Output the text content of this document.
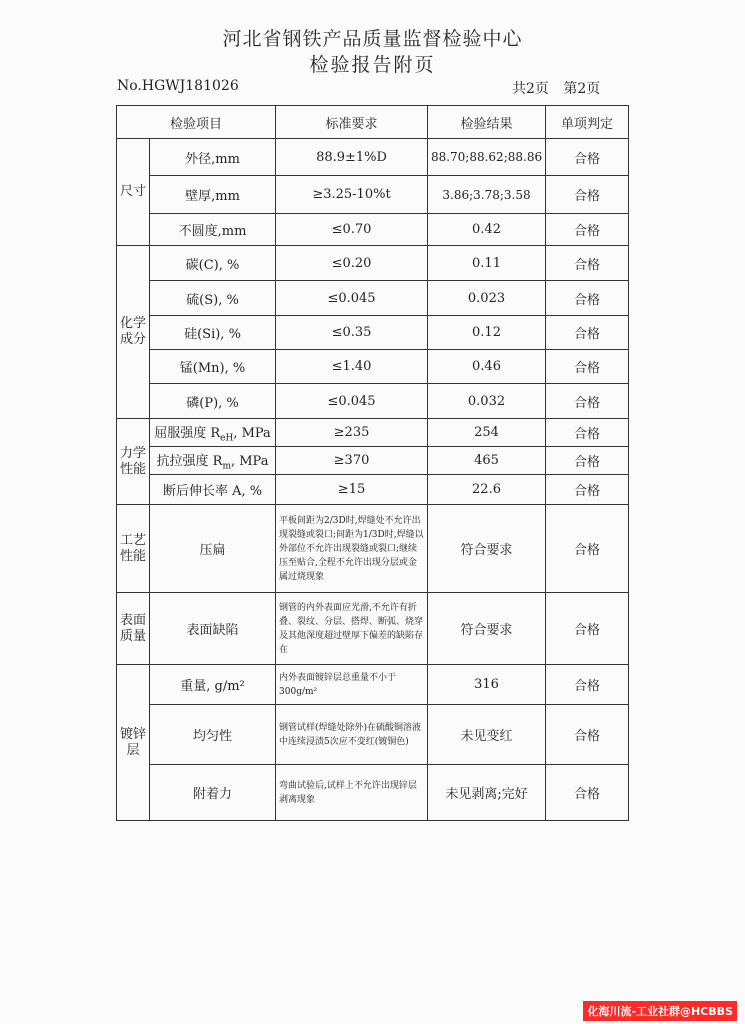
河北省钢铁产品质量监督检验中心
检验报告附页
No.HGWJ181026	共2页 第2页
检验项目		标准要求	检验结果	单项判定
尺寸	外径,mm	88.9±1%D	88.70;88.62;88.86	合格
	壁厚,mm	≥3.25-10%t	3.86;3.78;3.58	合格
	不圆度,mm	≤0.70	0.42	合格
化学成分	碳(C), %	≤0.20	0.11	合格
	硫(S), %	≤0.045	0.023	合格
	硅(Si), %	≤0.35	0.12	合格
	锰(Mn), %	≤1.40	0.46	合格
	磷(P), %	≤0.045	0.032	合格
力学性能	屈服强度 $R_{eH}$, MPa	≥235	254	合格
	抗拉强度 $R_m$, MPa	≥370	465	合格
	断后伸长率 A, %	≥15	22.6	合格
工艺性能	压扁	平板间距为2/3D时,焊缝处不允许出现裂缝或裂口;间距为1/3D时,焊缝以外部位不允许出现裂缝或裂口;继续压至贴合,全程不允许出现分层或金属过烧现象	符合要求	合格
表面质量	表面缺陷	钢管的内外表面应光滑,不允许有折叠、裂纹、分层、搭焊、断弧、烧穿及其他深度超过壁厚下偏差的缺陷存在	符合要求	合格
镀锌层	重量, g/m²	内外表面镀锌层总重量不小于300g/m²	316	合格
	均匀性	钢管试样(焊缝处除外)在硫酸铜溶液中连续浸渍5次应不变红(镀铜色)	未见变红	合格
	附着力	弯曲试验后,试样上不允许出现锌层剥离现象	未见剥离;完好	合格
化海川流-工业社群@HCBBS
